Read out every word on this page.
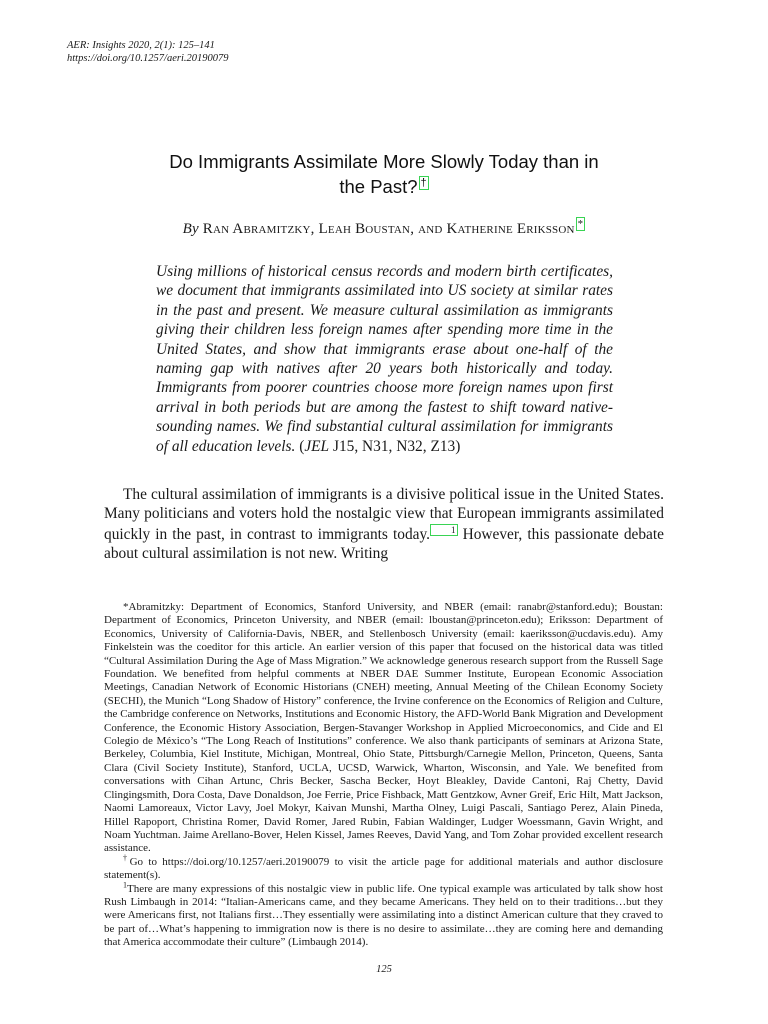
AER: Insights 2020, 2(1): 125–141
https://doi.org/10.1257/aeri.20190079
Do Immigrants Assimilate More Slowly Today than in
the Past? †
By Ran Abramitzky, Leah Boustan, and Katherine Eriksson *
Using millions of historical census records and modern birth certificates, we document that immigrants assimilated into US society at similar rates in the past and present. We measure cultural assimilation as immigrants giving their children less foreign names after spending more time in the United States, and show that immigrants erase about one-half of the naming gap with natives after 20 years both historically and today. Immigrants from poorer countries choose more foreign names upon first arrival in both periods but are among the fastest to shift toward native-sounding names. We find substantial cultural assimilation for immigrants of all education levels. (JEL J15, N31, N32, Z13)
The cultural assimilation of immigrants is a divisive political issue in the United States. Many politicians and voters hold the nostalgic view that European immigrants assimilated quickly in the past, in contrast to immigrants today. 1 However, this passionate debate about cultural assimilation is not new. Writing

*Abramitzky: Department of Economics, Stanford University, and NBER (email: ranabr@stanford.edu); Boustan: Department of Economics, Princeton University, and NBER (email: lboustan@princeton.edu); Eriksson: Department of Economics, University of California-Davis, NBER, and Stellenbosch University (email: kaeriksson@ucdavis.edu). Amy Finkelstein was the coeditor for this article. An earlier version of this paper that focused on the historical data was titled “Cultural Assimilation During the Age of Mass Migration.” We acknowledge generous research support from the Russell Sage Foundation. We benefited from helpful comments at NBER DAE Summer Institute, European Economic Association Meetings, Canadian Network of Economic Historians (CNEH) meeting, Annual Meeting of the Chilean Economy Society (SECHI), the Munich “Long Shadow of History” conference, the Irvine conference on the Economics of Religion and Culture, the Cambridge conference on Networks, Institutions and Economic History, the AFD-World Bank Migration and Development Conference, the Economic History Association, Bergen-Stavanger Workshop in Applied Microeconomics, and Cide and El Colegio de México’s “The Long Reach of Institutions” conference. We also thank participants of seminars at Arizona State, Berkeley, Columbia, Kiel Institute, Michigan, Montreal, Ohio State, Pittsburgh/Carnegie Mellon, Princeton, Queens, Santa Clara (Civil Society Institute), Stanford, UCLA, UCSD, Warwick, Wharton, Wisconsin, and Yale. We benefited from conversations with Cihan Artunc, Chris Becker, Sascha Becker, Hoyt Bleakley, Davide Cantoni, Raj Chetty, David Clingingsmith, Dora Costa, Dave Donaldson, Joe Ferrie, Price Fishback, Matt Gentzkow, Avner Greif, Eric Hilt, Matt Jackson, Naomi Lamoreaux, Victor Lavy, Joel Mokyr, Kaivan Munshi, Martha Olney, Luigi Pascali, Santiago Perez, Alain Pineda, Hillel Rapoport, Christina Romer, David Romer, Jared Rubin, Fabian Waldinger, Ludger Woessmann, Gavin Wright, and Noam Yuchtman. Jaime Arellano-Bover, Helen Kissel, James Reeves, David Yang, and Tom Zohar provided excellent research assistance.

†Go to https://doi.org/10.1257/aeri.20190079 to visit the article page for additional materials and author disclosure statement(s).

$^1$There are many expressions of this nostalgic view in public life. One typical example was articulated by talk show host Rush Limbaugh in 2014: “Italian-Americans came, and they became Americans. They held on to their traditions…but they were Americans first, not Italians first…They essentially were assimilating into a distinct American culture that they craved to be part of…What’s happening to immigration now is there is no desire to assimilate…they are coming here and demanding that America accommodate their culture” (Limbaugh 2014).

125
